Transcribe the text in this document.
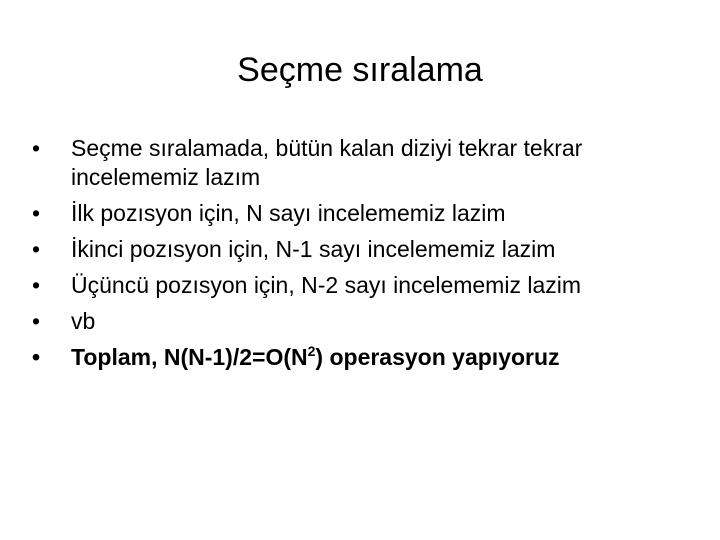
Seçme sıralama
• Seçme sıralamada, bütün kalan diziyi tekrar tekrar incelememiz lazım
• İlk pozısyon için, N sayı incelememiz lazim
• İkinci pozısyon için, N-1 sayı incelememiz lazim
• Üçüncü pozısyon için, N-2 sayı incelememiz lazim
• vb
• Toplam, $N(N-1)/2=O(N^2)$ operasyon yapıyoruz
